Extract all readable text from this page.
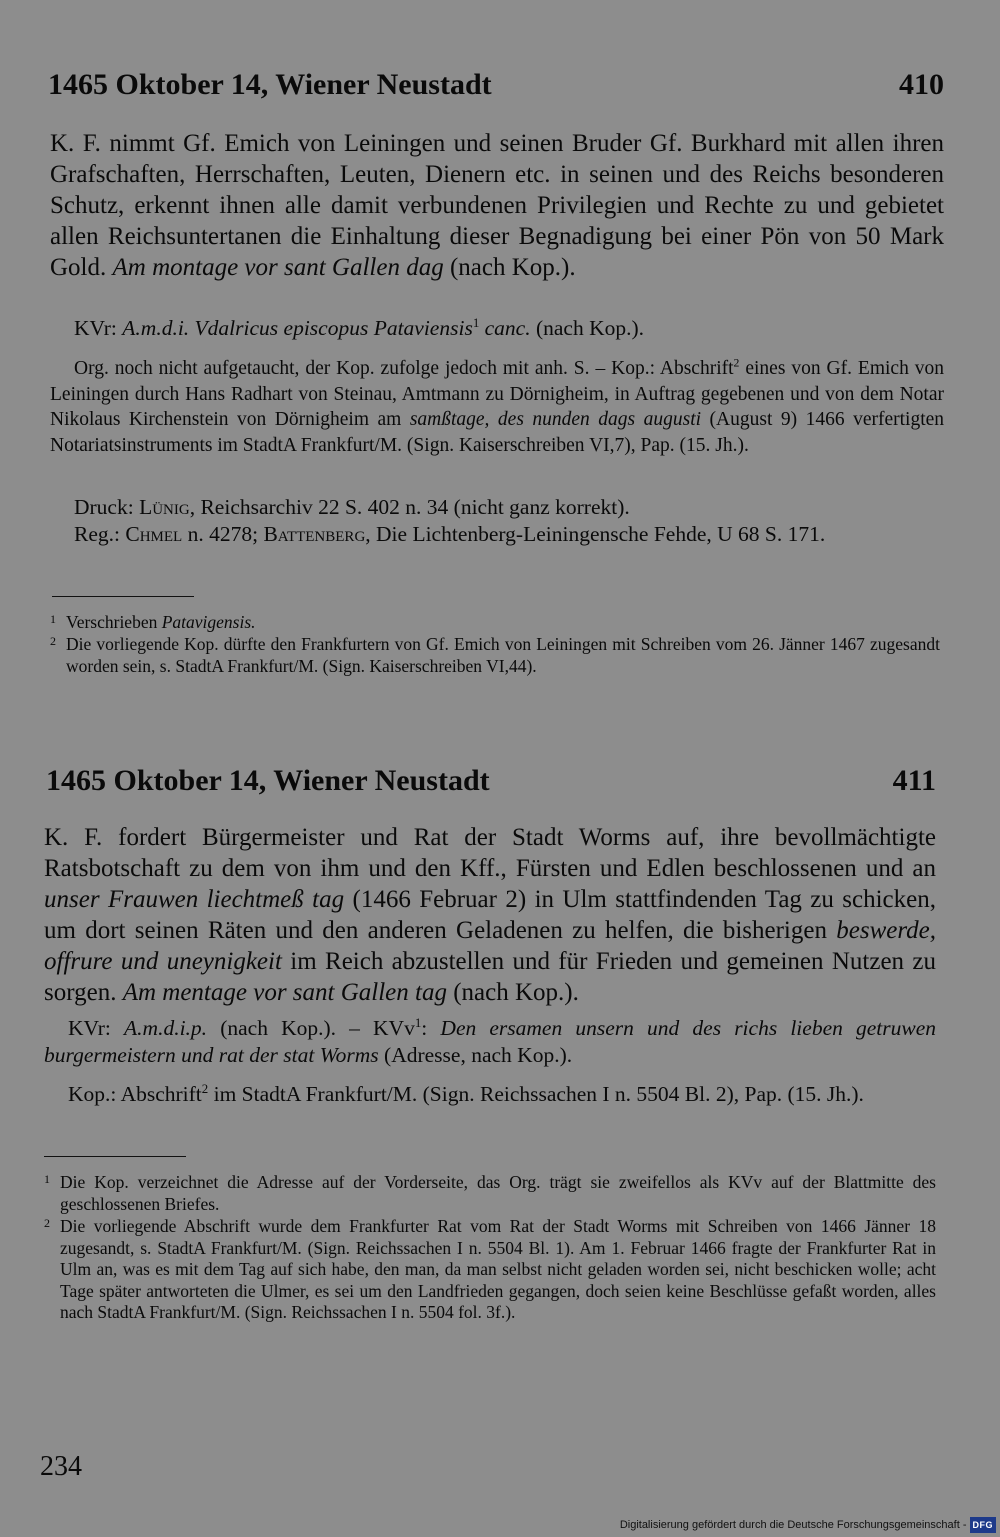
1465 Oktober 14, Wiener Neustadt	410
K. F. nimmt Gf. Emich von Leiningen und seinen Bruder Gf. Burkhard mit allen ihren Grafschaften, Herrschaften, Leuten, Dienern etc. in seinen und des Reichs besonderen Schutz, erkennt ihnen alle damit verbundenen Privilegien und Rechte zu und gebietet allen Reichsuntertanen die Einhaltung dieser Begnadigung bei einer Pön von 50 Mark Gold. Am montage vor sant Gallen dag (nach Kop.).
KVr: A.m.d.i. Vdalricus episcopus Pataviensis$^1$ canc. (nach Kop.).
Org. noch nicht aufgetaucht, der Kop. zufolge jedoch mit anh. S. – Kop.: Abschrift$^2$ eines von Gf. Emich von Leiningen durch Hans Radhart von Steinau, Amtmann zu Dörnigheim, in Auftrag gegebenen und von dem Notar Nikolaus Kirchenstein von Dörnigheim am samßtage, des nunden dags augusti (August 9) 1466 verfertigten Notariatsinstruments im StadtA Frankfurt/M. (Sign. Kaiserschreiben VI,7), Pap. (15. Jh.).
Druck: Lünig, Reichsarchiv 22 S. 402 n. 34 (nicht ganz korrekt).
Reg.: Chmel n. 4278; Battenberg, Die Lichtenberg-Leiningensche Fehde, U 68 S. 171.
1 Verschrieben Patavigensis.
2 Die vorliegende Kop. dürfte den Frankfurtern von Gf. Emich von Leiningen mit Schreiben vom 26. Jänner 1467 zugesandt worden sein, s. StadtA Frankfurt/M. (Sign. Kaiserschreiben VI,44).
1465 Oktober 14, Wiener Neustadt	411
K. F. fordert Bürgermeister und Rat der Stadt Worms auf, ihre bevollmächtigte Ratsbotschaft zu dem von ihm und den Kff., Fürsten und Edlen beschlossenen und an unser Frauwen liechtmeß tag (1466 Februar 2) in Ulm stattfindenden Tag zu schicken, um dort seinen Räten und den anderen Geladenen zu helfen, die bisherigen beswerde, offrure und uneynigkeit im Reich abzustellen und für Frieden und gemeinen Nutzen zu sorgen. Am mentage vor sant Gallen tag (nach Kop.).
KVr: A.m.d.i.p. (nach Kop.). – KVv$^1$: Den ersamen unsern und des richs lieben getruwen burgermeistern und rat der stat Worms (Adresse, nach Kop.).
Kop.: Abschrift$^2$ im StadtA Frankfurt/M. (Sign. Reichssachen I n. 5504 Bl. 2), Pap. (15. Jh.).
1 Die Kop. verzeichnet die Adresse auf der Vorderseite, das Org. trägt sie zweifellos als KVv auf der Blattmitte des geschlossenen Briefes.
2 Die vorliegende Abschrift wurde dem Frankfurter Rat vom Rat der Stadt Worms mit Schreiben von 1466 Jänner 18 zugesandt, s. StadtA Frankfurt/M. (Sign. Reichssachen I n. 5504 Bl. 1). Am 1. Februar 1466 fragte der Frankfurter Rat in Ulm an, was es mit dem Tag auf sich habe, den man, da man selbst nicht geladen worden sei, nicht beschicken wolle; acht Tage später antworteten die Ulmer, es sei um den Landfrieden gegangen, doch seien keine Beschlüsse gefaßt worden, alles nach StadtA Frankfurt/M. (Sign. Reichssachen I n. 5504 fol. 3f.).
234
Digitalisierung gefördert durch die Deutsche Forschungsgemeinschaft - DFG
